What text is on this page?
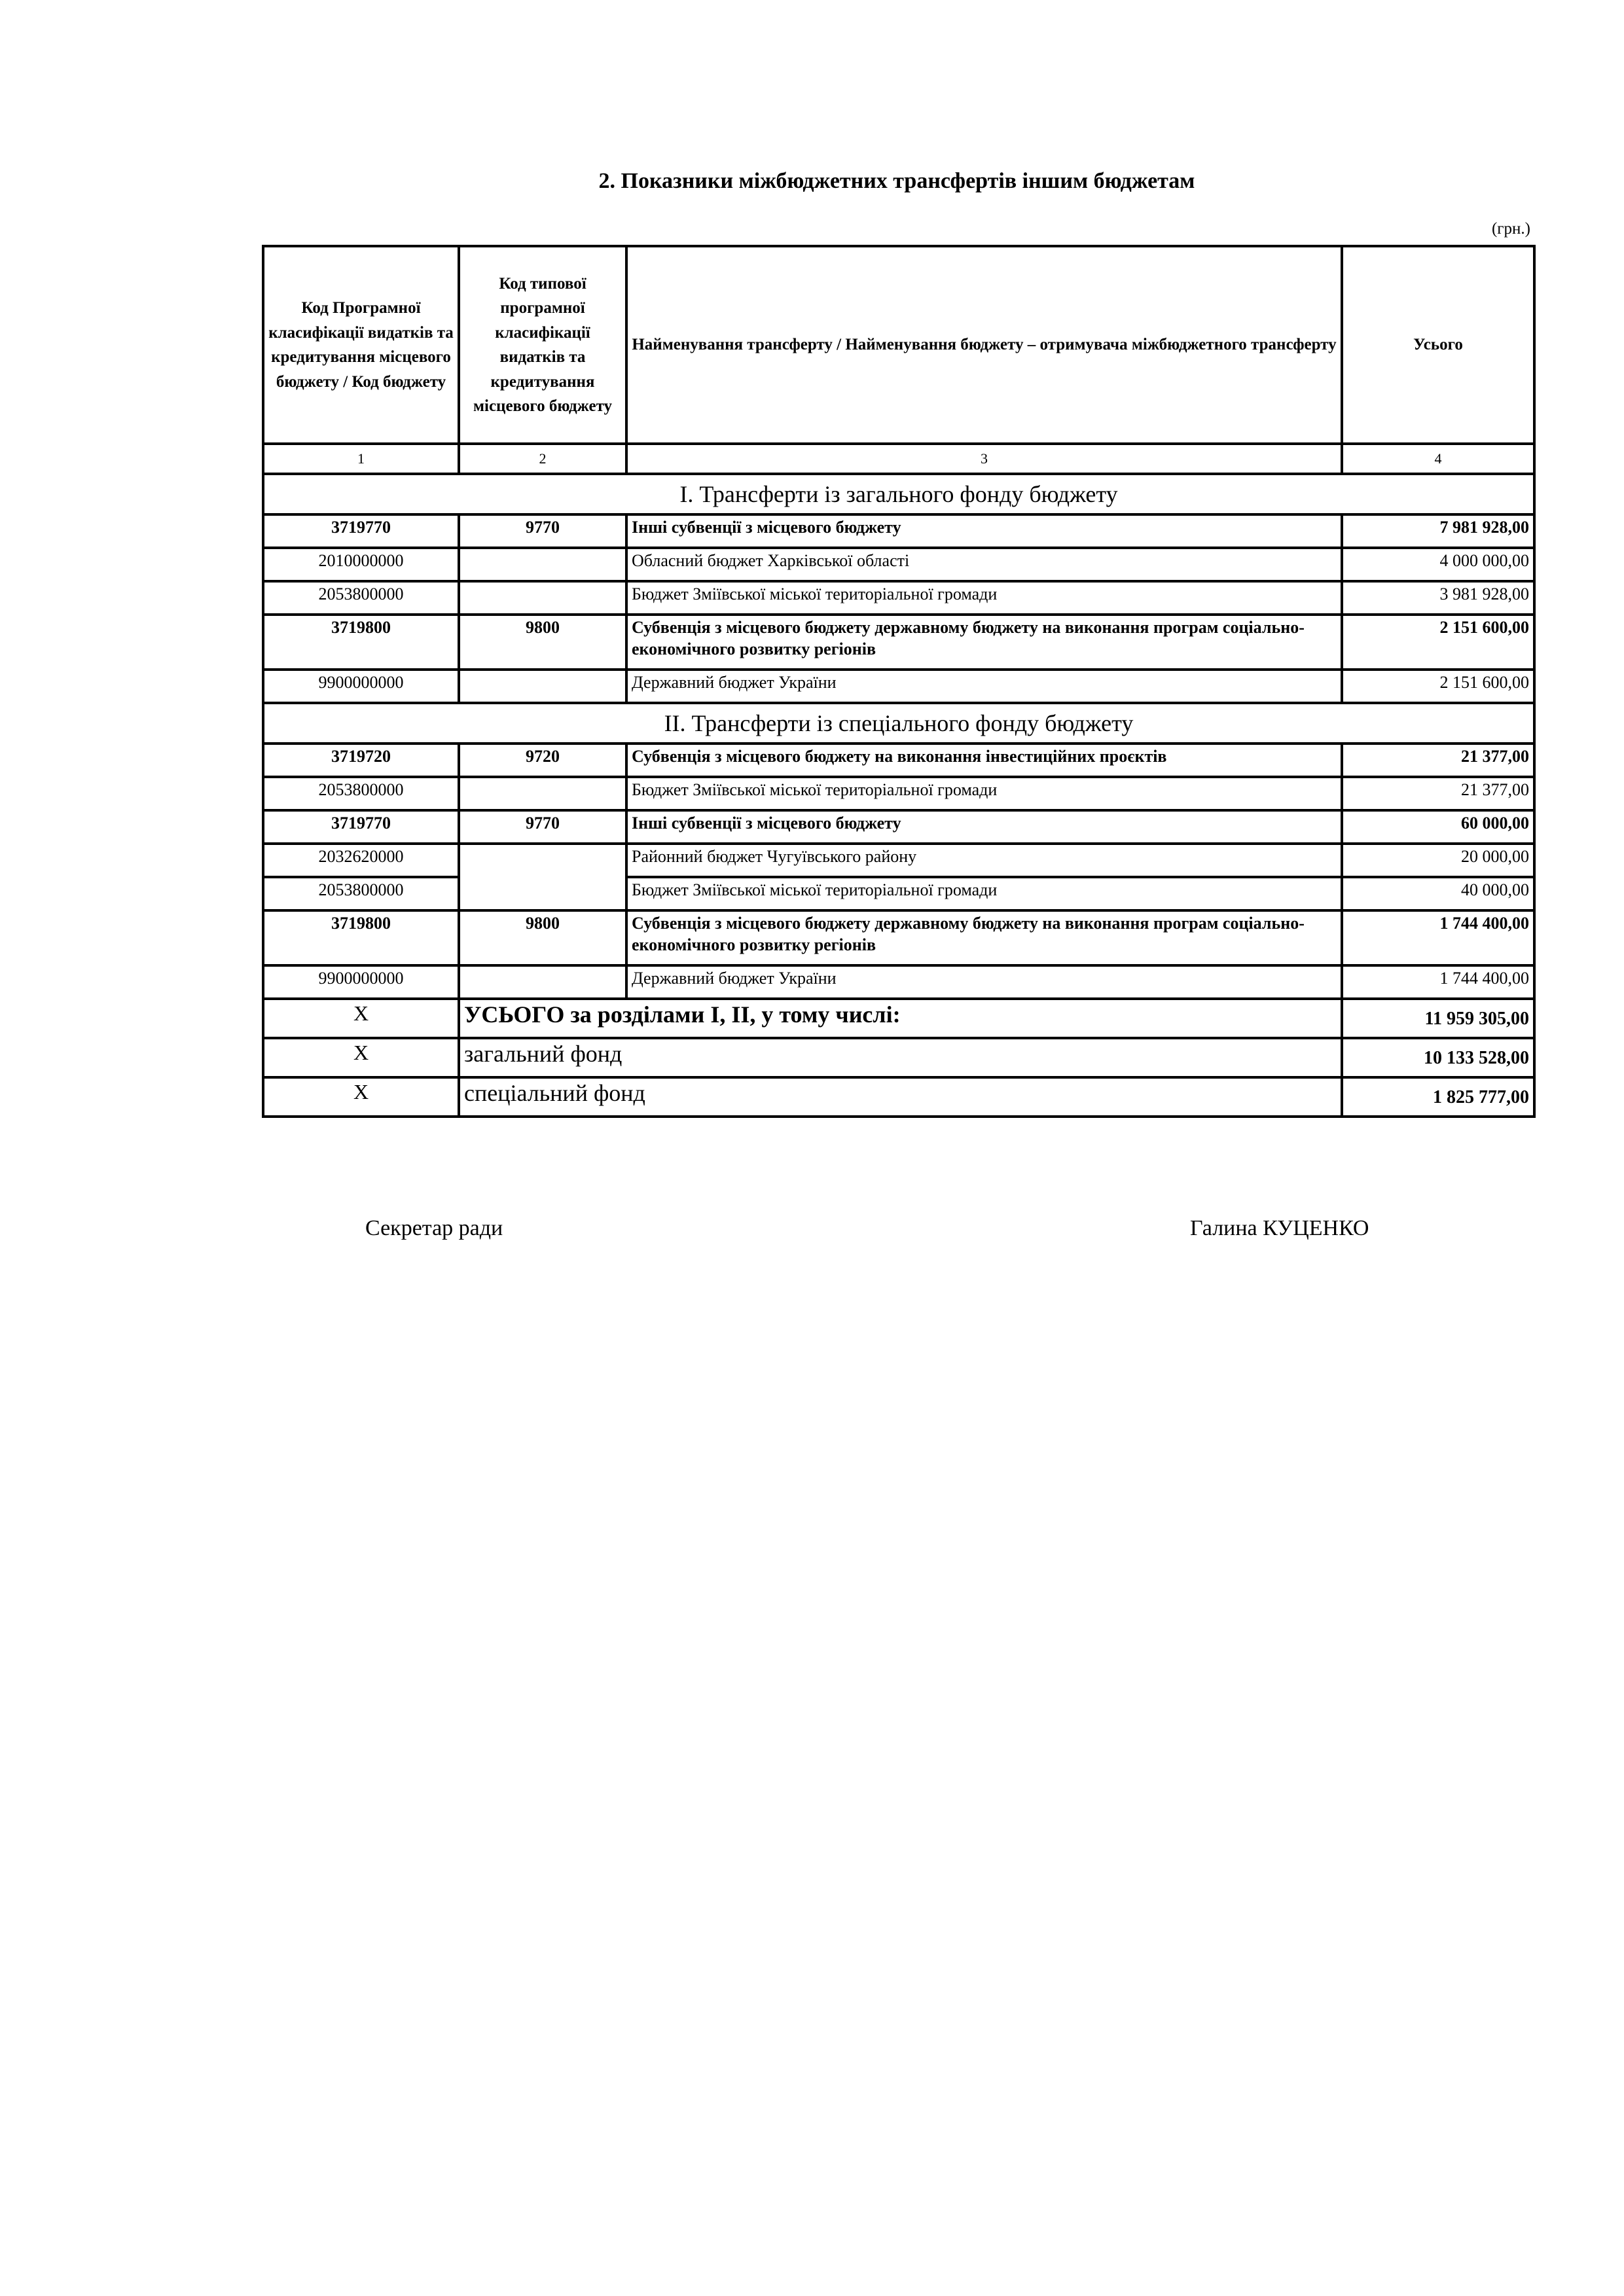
2. Показники міжбюджетних трансфертів іншим бюджетам
(грн.)
Код Програмної класифікації видатків та кредитування місцевого бюджету / Код бюджету	Код типової програмної класифікації видатків та кредитування місцевого бюджету	Найменування трансферту / Найменування бюджету – отримувача міжбюджетного трансферту	Усього
1	2	3	4
I. Трансферти із загального фонду бюджету			
3719770	9770	Інші субвенції з місцевого бюджету	7 981 928,00
2010000000		Обласний бюджет Харківської області	4 000 000,00
2053800000		Бюджет Зміївської міської територіальної громади	3 981 928,00
3719800	9800	Субвенція з місцевого бюджету державному бюджету на виконання програм соціально-економічного розвитку регіонів	2 151 600,00
9900000000		Державний бюджет України	2 151 600,00
II. Трансферти із спеціального фонду бюджету			
3719720	9720	Субвенція з місцевого бюджету на виконання інвестиційних проєктів	21 377,00
2053800000		Бюджет Зміївської міської територіальної громади	21 377,00
3719770	9770	Інші субвенції з місцевого бюджету	60 000,00
2032620000		Районний бюджет Чугуївського району	20 000,00
2053800000		Бюджет Зміївської міської територіальної громади	40 000,00
3719800	9800	Субвенція з місцевого бюджету державному бюджету на виконання програм соціально-економічного розвитку регіонів	1 744 400,00
9900000000		Державний бюджет України	1 744 400,00
Х	УСЬОГО за розділами І, ІІ, у тому числі:		11 959 305,00
Х	загальний фонд		10 133 528,00
Х	спеціальний фонд		1 825 777,00
Секретар ради	Галина КУЦЕНКО
